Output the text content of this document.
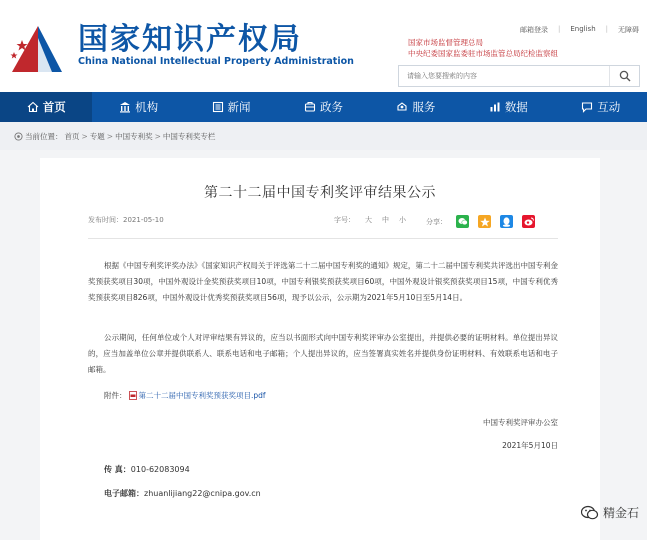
国家知识产权局
China National Intellectual Property Administration
邮箱登录 | English | 无障碍
国家市场监督管理总局
中央纪委国家监委驻市场监管总局纪检监察组
请输入您要搜索的内容
首页	机构	新闻	政务	服务	数据	互动
当前位置： 首页 > 专题 > 中国专利奖 > 中国专利奖专栏
第二十二届中国专利奖评审结果公示
发布时间：2021-05-10	字号： 大 中 小	分享：

根据《中国专利奖评奖办法》《国家知识产权局关于评选第二十二届中国专利奖的通知》规定，第二十二届中国专利奖共评选出中国专利金奖预获奖项目30项，中国外观设计金奖预获奖项目10项，中国专利银奖预获奖项目60项，中国外观设计银奖预获奖项目15项，中国专利优秀奖预获奖项目826项，中国外观设计优秀奖预获奖项目56项，现予以公示，公示期为2021年5月10日至5月14日。

公示期间，任何单位或个人对评审结果有异议的，应当以书面形式向中国专利奖评审办公室提出，并提供必要的证明材料。单位提出异议的，应当加盖单位公章并提供联系人、联系电话和电子邮箱；个人提出异议的，应当签署真实姓名并提供身份证明材料、有效联系电话和电子邮箱。

附件： 第二十二届中国专利奖预获奖项目.pdf
中国专利奖评审办公室
2021年5月10日
传 真：010-62083094
电子邮箱：zhuanlijiang22@cnipa.gov.cn
精金石
